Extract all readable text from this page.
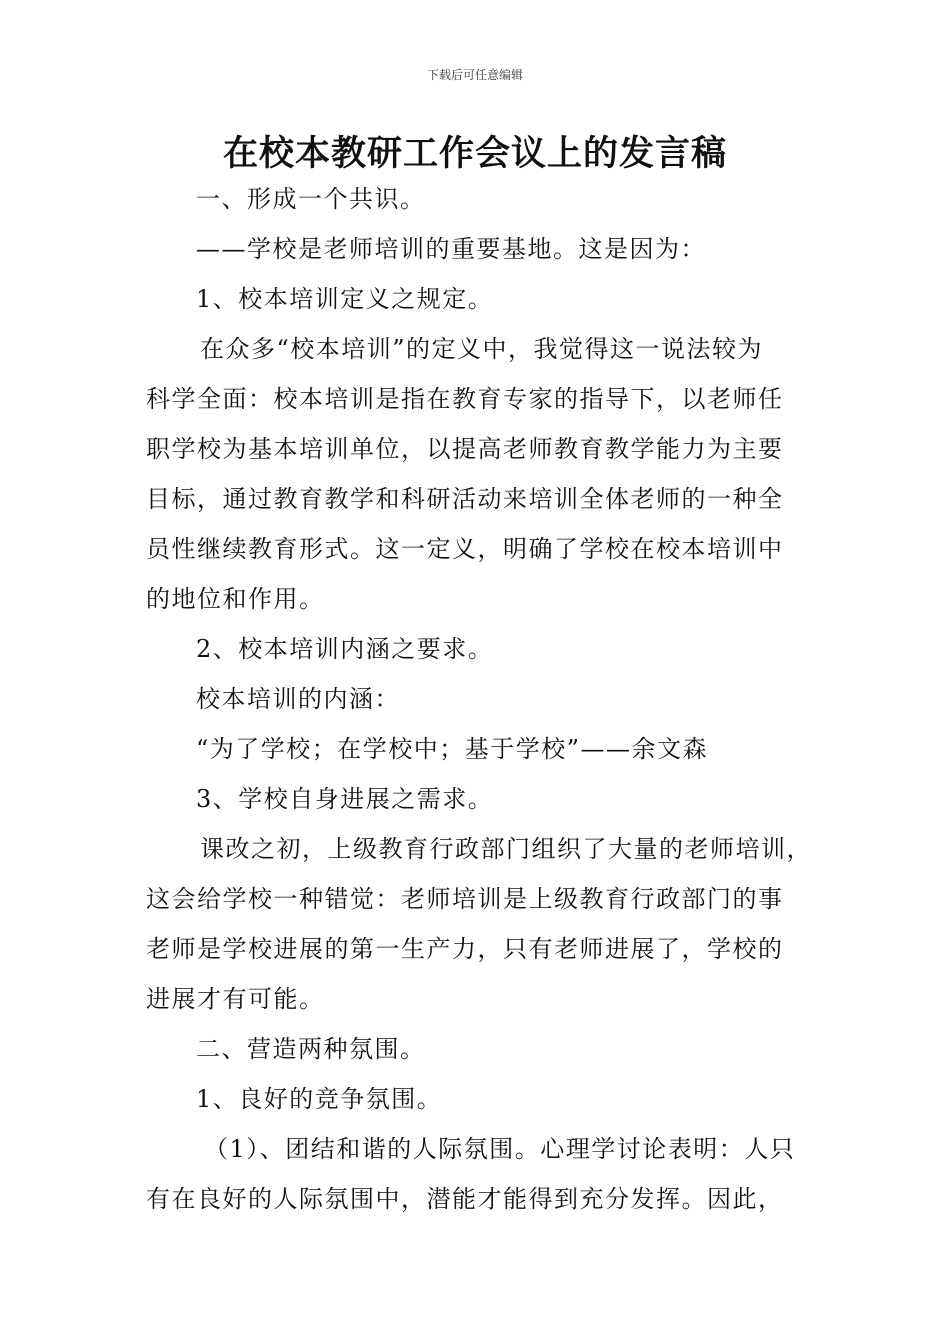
下载后可任意编辑
在校本教研工作会议上的发言稿
一、形成一个共识。
——学校是老师培训的重要基地。这是因为：
1、校本培训定义之规定。
在众多“校本培训”的定义中，我觉得这一说法较为
科学全面：校本培训是指在教育专家的指导下，以老师任
职学校为基本培训单位，以提高老师教育教学能力为主要
目标，通过教育教学和科研活动来培训全体老师的一种全
员性继续教育形式。这一定义，明确了学校在校本培训中
的地位和作用。
2、校本培训内涵之要求。
校本培训的内涵：
“为了学校；在学校中；基于学校”——余文森
3、学校自身进展之需求。
课改之初，上级教育行政部门组织了大量的老师培训，
这会给学校一种错觉：老师培训是上级教育行政部门的事
老师是学校进展的第一生产力，只有老师进展了，学校的
进展才有可能。
二、营造两种氛围。
1、良好的竞争氛围。
（1）、团结和谐的人际氛围。心理学讨论表明：人只
有在良好的人际氛围中，潜能才能得到充分发挥。因此，
